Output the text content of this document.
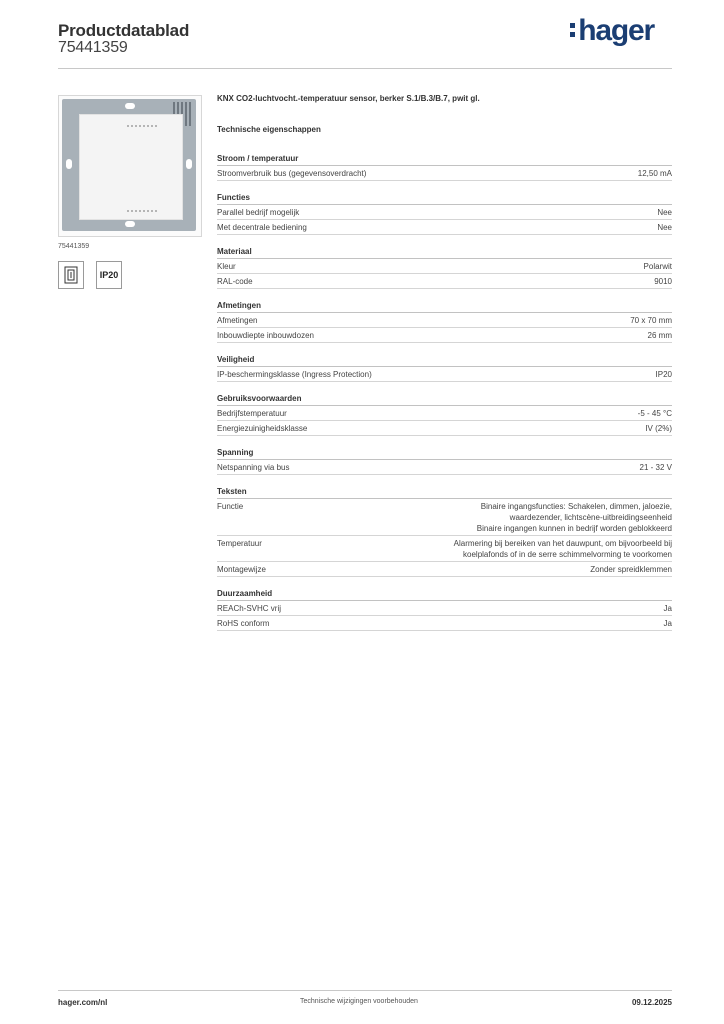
Productdatablad
75441359
hager
75441359
IP20
KNX CO2-luchtvocht.-temperatuur sensor, berker S.1/B.3/B.7, pwit gl.
Technische eigenschappen
Stroom / temperatuur
Stroomverbruik bus (gegevensoverdracht)	12,50 mA
Functies
Parallel bedrijf mogelijk	Nee
Met decentrale bediening	Nee
Materiaal
Kleur	Polarwit
RAL-code	9010
Afmetingen
Afmetingen	70 x 70 mm
Inbouwdiepte inbouwdozen	26 mm
Veiligheid
IP-beschermingsklasse (Ingress Protection)	IP20
Gebruiksvoorwaarden
Bedrijfstemperatuur	-5 - 45 °C
Energiezuinigheidsklasse	IV (2%)
Spanning
Netspanning via bus	21 - 32 V
Teksten
Functie	Binaire ingangsfuncties: Schakelen, dimmen, jaloezie, waardezender, lichtscène-uitbreidingseenheid
Binaire ingangen kunnen in bedrijf worden geblokkeerd
Temperatuur	Alarmering bij bereiken van het dauwpunt, om bijvoorbeeld bij koelplafonds of in de serre schimmelvorming te voorkomen
Montagewijze	Zonder spreidklemmen
Duurzaamheid
REACh-SVHC vrij	Ja
RoHS conform	Ja
hager.com/nl	Technische wijzigingen voorbehouden	09.12.2025
